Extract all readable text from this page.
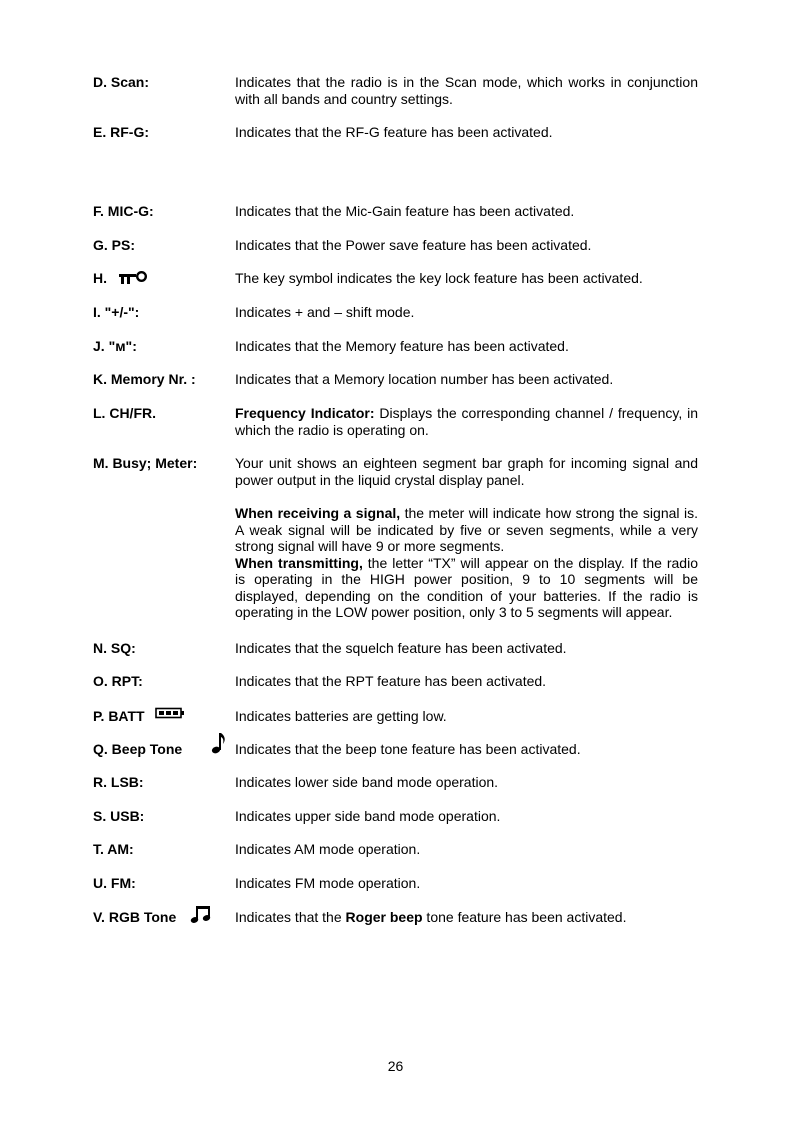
D. Scan:	Indicates that the radio is in the Scan mode, which works in conjunction with all bands and country settings.
E. RF-G:	Indicates that the RF-G feature has been activated.
F. MIC-G:	Indicates that the Mic-Gain feature has been activated.
G. PS:	Indicates that the Power save feature has been activated.
H.	The key symbol indicates the key lock feature has been activated.
I. "+/-":	Indicates + and – shift mode.
J. "м":	Indicates that the Memory feature has been activated.
K. Memory Nr. :	Indicates that a Memory location number has been activated.
L. CH/FR.	Frequency Indicator: Displays the corresponding channel / frequency, in which the radio is operating on.
M. Busy; Meter:	Your unit shows an eighteen segment bar graph for incoming signal and power output in the liquid crystal display panel.
When receiving a signal, the meter will indicate how strong the signal is. A weak signal will be indicated by five or seven segments, while a very strong signal will have 9 or more segments.
When transmitting, the letter “TX” will appear on the display. If the radio is operating in the HIGH power position, 9 to 10 segments will be displayed, depending on the condition of your batteries. If the radio is operating in the LOW power position, only 3 to 5 segments will appear.
N. SQ:	Indicates that the squelch feature has been activated.
O. RPT:	Indicates that the RPT feature has been activated.
P. BATT	Indicates batteries are getting low.
Q. Beep Tone	Indicates that the beep tone feature has been activated.
R. LSB:	Indicates lower side band mode operation.
S. USB:	Indicates upper side band mode operation.
T. AM:	Indicates AM mode operation.
U. FM:	Indicates FM mode operation.
V. RGB Tone	Indicates that the Roger beep tone feature has been activated.
26
